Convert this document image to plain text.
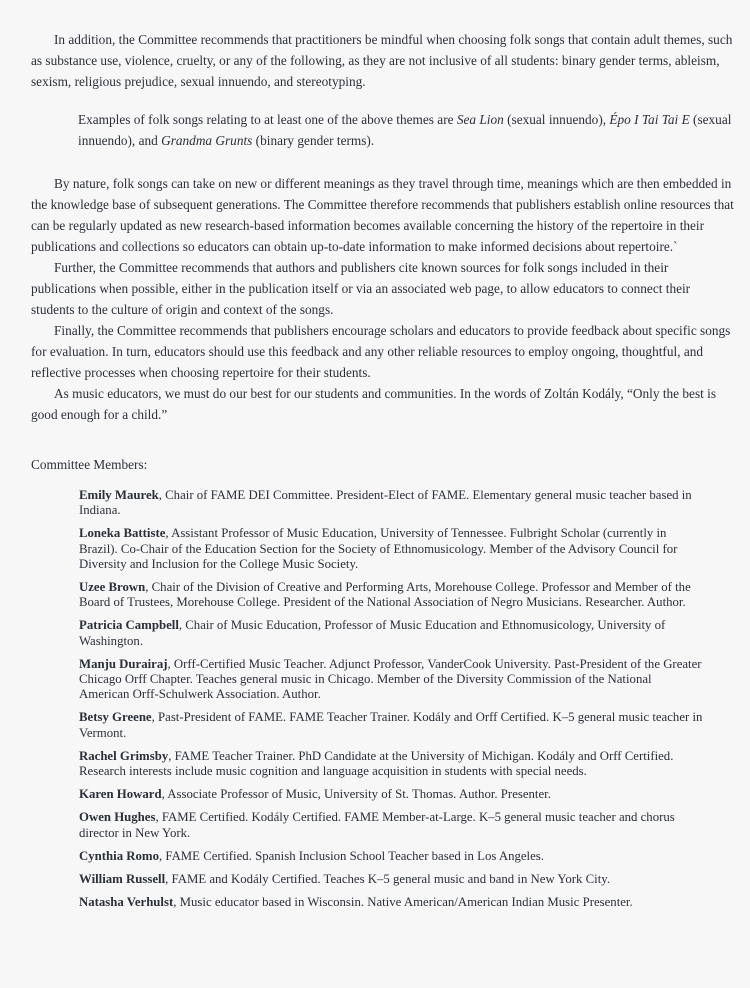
In addition, the Committee recommends that practitioners be mindful when choosing folk songs that contain adult themes, such as substance use, violence, cruelty, or any of the following, as they are not inclusive of all students: binary gender terms, ableism, sexism, religious prejudice, sexual innuendo, and stereotyping.

Examples of folk songs relating to at least one of the above themes are Sea Lion (sexual innuendo), Épo I Tai Tai E (sexual innuendo), and Grandma Grunts (binary gender terms).

By nature, folk songs can take on new or different meanings as they travel through time, meanings which are then embedded in the knowledge base of subsequent generations. The Committee therefore recommends that publishers establish online resources that can be regularly updated as new research-based information becomes available concerning the history of the repertoire in their publications and collections so educators can obtain up-to-date information to make informed decisions about repertoire.`

Further, the Committee recommends that authors and publishers cite known sources for folk songs included in their publications when possible, either in the publication itself or via an associated web page, to allow educators to connect their students to the culture of origin and context of the songs.

Finally, the Committee recommends that publishers encourage scholars and educators to provide feedback about specific songs for evaluation. In turn, educators should use this feedback and any other reliable resources to employ ongoing, thoughtful, and reflective processes when choosing repertoire for their students.

As music educators, we must do our best for our students and communities. In the words of Zoltán Kodály, “Only the best is good enough for a child.”

Committee Members:

Emily Maurek, Chair of FAME DEI Committee. President-Elect of FAME. Elementary general music teacher based in Indiana.

Loneka Battiste, Assistant Professor of Music Education, University of Tennessee. Fulbright Scholar (currently in Brazil). Co-Chair of the Education Section for the Society of Ethnomusicology. Member of the Advisory Council for Diversity and Inclusion for the College Music Society.

Uzee Brown, Chair of the Division of Creative and Performing Arts, Morehouse College. Professor and Member of the Board of Trustees, Morehouse College. President of the National Association of Negro Musicians. Researcher. Author.

Patricia Campbell, Chair of Music Education, Professor of Music Education and Ethnomusicology, University of Washington.

Manju Durairaj, Orff-Certified Music Teacher. Adjunct Professor, VanderCook University. Past-President of the Greater Chicago Orff Chapter. Teaches general music in Chicago. Member of the Diversity Commission of the National American Orff-Schulwerk Association. Author.

Betsy Greene, Past-President of FAME. FAME Teacher Trainer. Kodály and Orff Certified. K–5 general music teacher in Vermont.

Rachel Grimsby, FAME Teacher Trainer. PhD Candidate at the University of Michigan. Kodály and Orff Certified. Research interests include music cognition and language acquisition in students with special needs.

Karen Howard, Associate Professor of Music, University of St. Thomas. Author. Presenter.

Owen Hughes, FAME Certified. Kodály Certified. FAME Member-at-Large. K–5 general music teacher and chorus director in New York.

Cynthia Romo, FAME Certified. Spanish Inclusion School Teacher based in Los Angeles.

William Russell, FAME and Kodály Certified. Teaches K–5 general music and band in New York City.

Natasha Verhulst, Music educator based in Wisconsin. Native American/American Indian Music Presenter.
